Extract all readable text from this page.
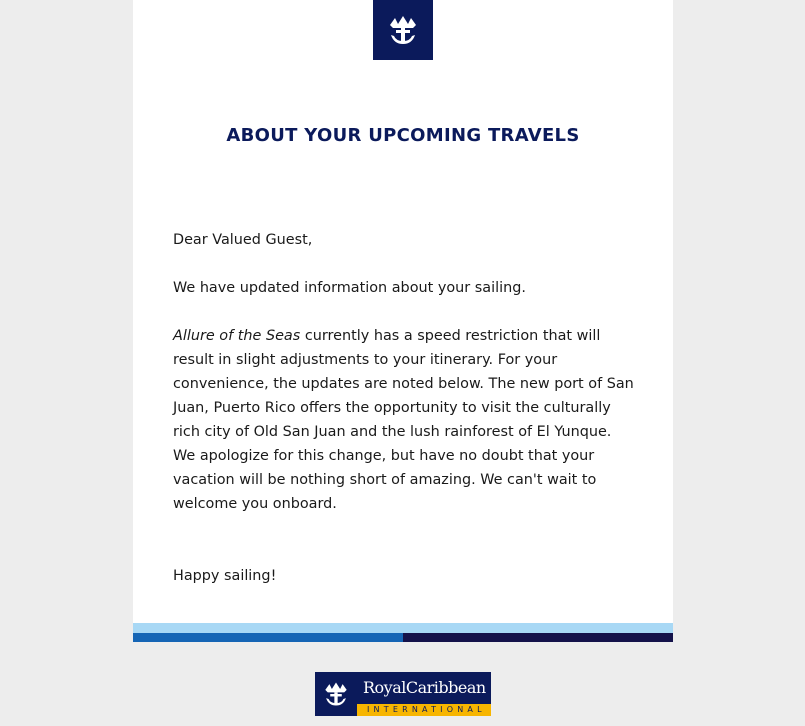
ABOUT YOUR UPCOMING TRAVELS

Dear Valued Guest,

We have updated information about your sailing.

Allure of the Seas currently has a speed restriction that will result in slight adjustments to your itinerary. For your convenience, the updates are noted below. The new port of San Juan, Puerto Rico offers the opportunity to visit the culturally rich city of Old San Juan and the lush rainforest of El Yunque. We apologize for this change, but have no doubt that your vacation will be nothing short of amazing. We can't wait to welcome you onboard.

Happy sailing!

RoyalCaribbean
INTERNATIONAL
